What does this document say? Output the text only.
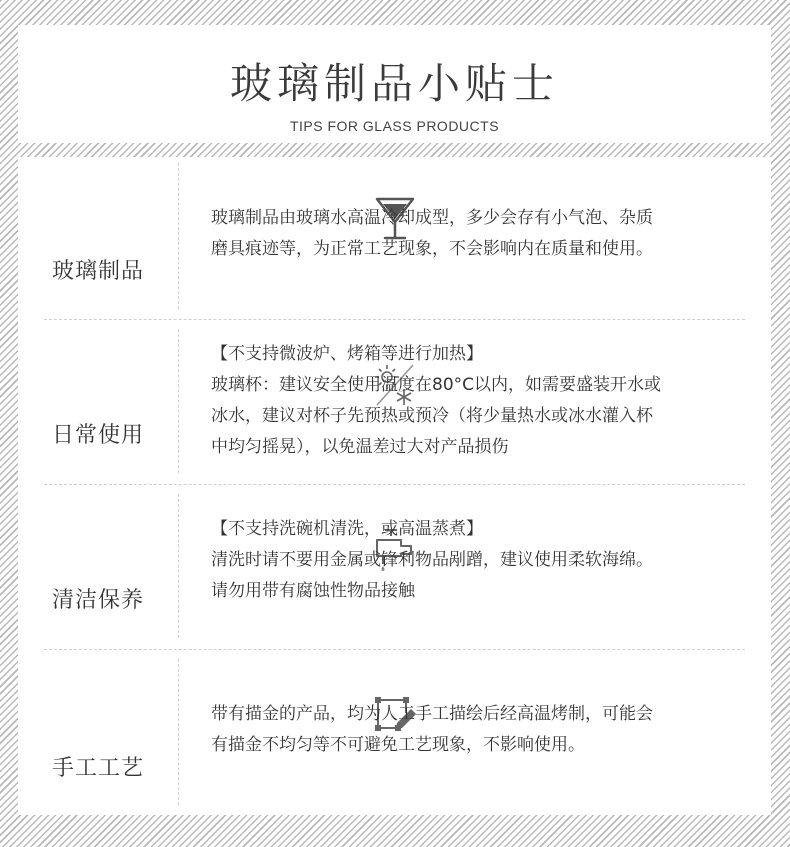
玻璃制品小贴士
TIPS FOR GLASS PRODUCTS
玻璃制品

玻璃制品由玻璃水高温冷却成型，多少会存有小气泡、杂质

磨具痕迹等，为正常工艺现象，不会影响内在质量和使用。

日常使用

【不支持微波炉、烤箱等进行加热】

玻璃杯：建议安全使用温度在80°C以内，如需要盛装开水或

冰水，建议对杯子先预热或预冷（将少量热水或冰水灌入杯

中均匀摇晃），以免温差过大对产品损伤

清洁保养

【不支持洗碗机清洗，或高温蒸煮】

清洗时请不要用金属或锋利物品剐蹭，建议使用柔软海绵。

请勿用带有腐蚀性物品接触

手工工艺

带有描金的产品，均为人工手工描绘后经高温烤制，可能会

有描金不均匀等不可避免工艺现象，不影响使用。
